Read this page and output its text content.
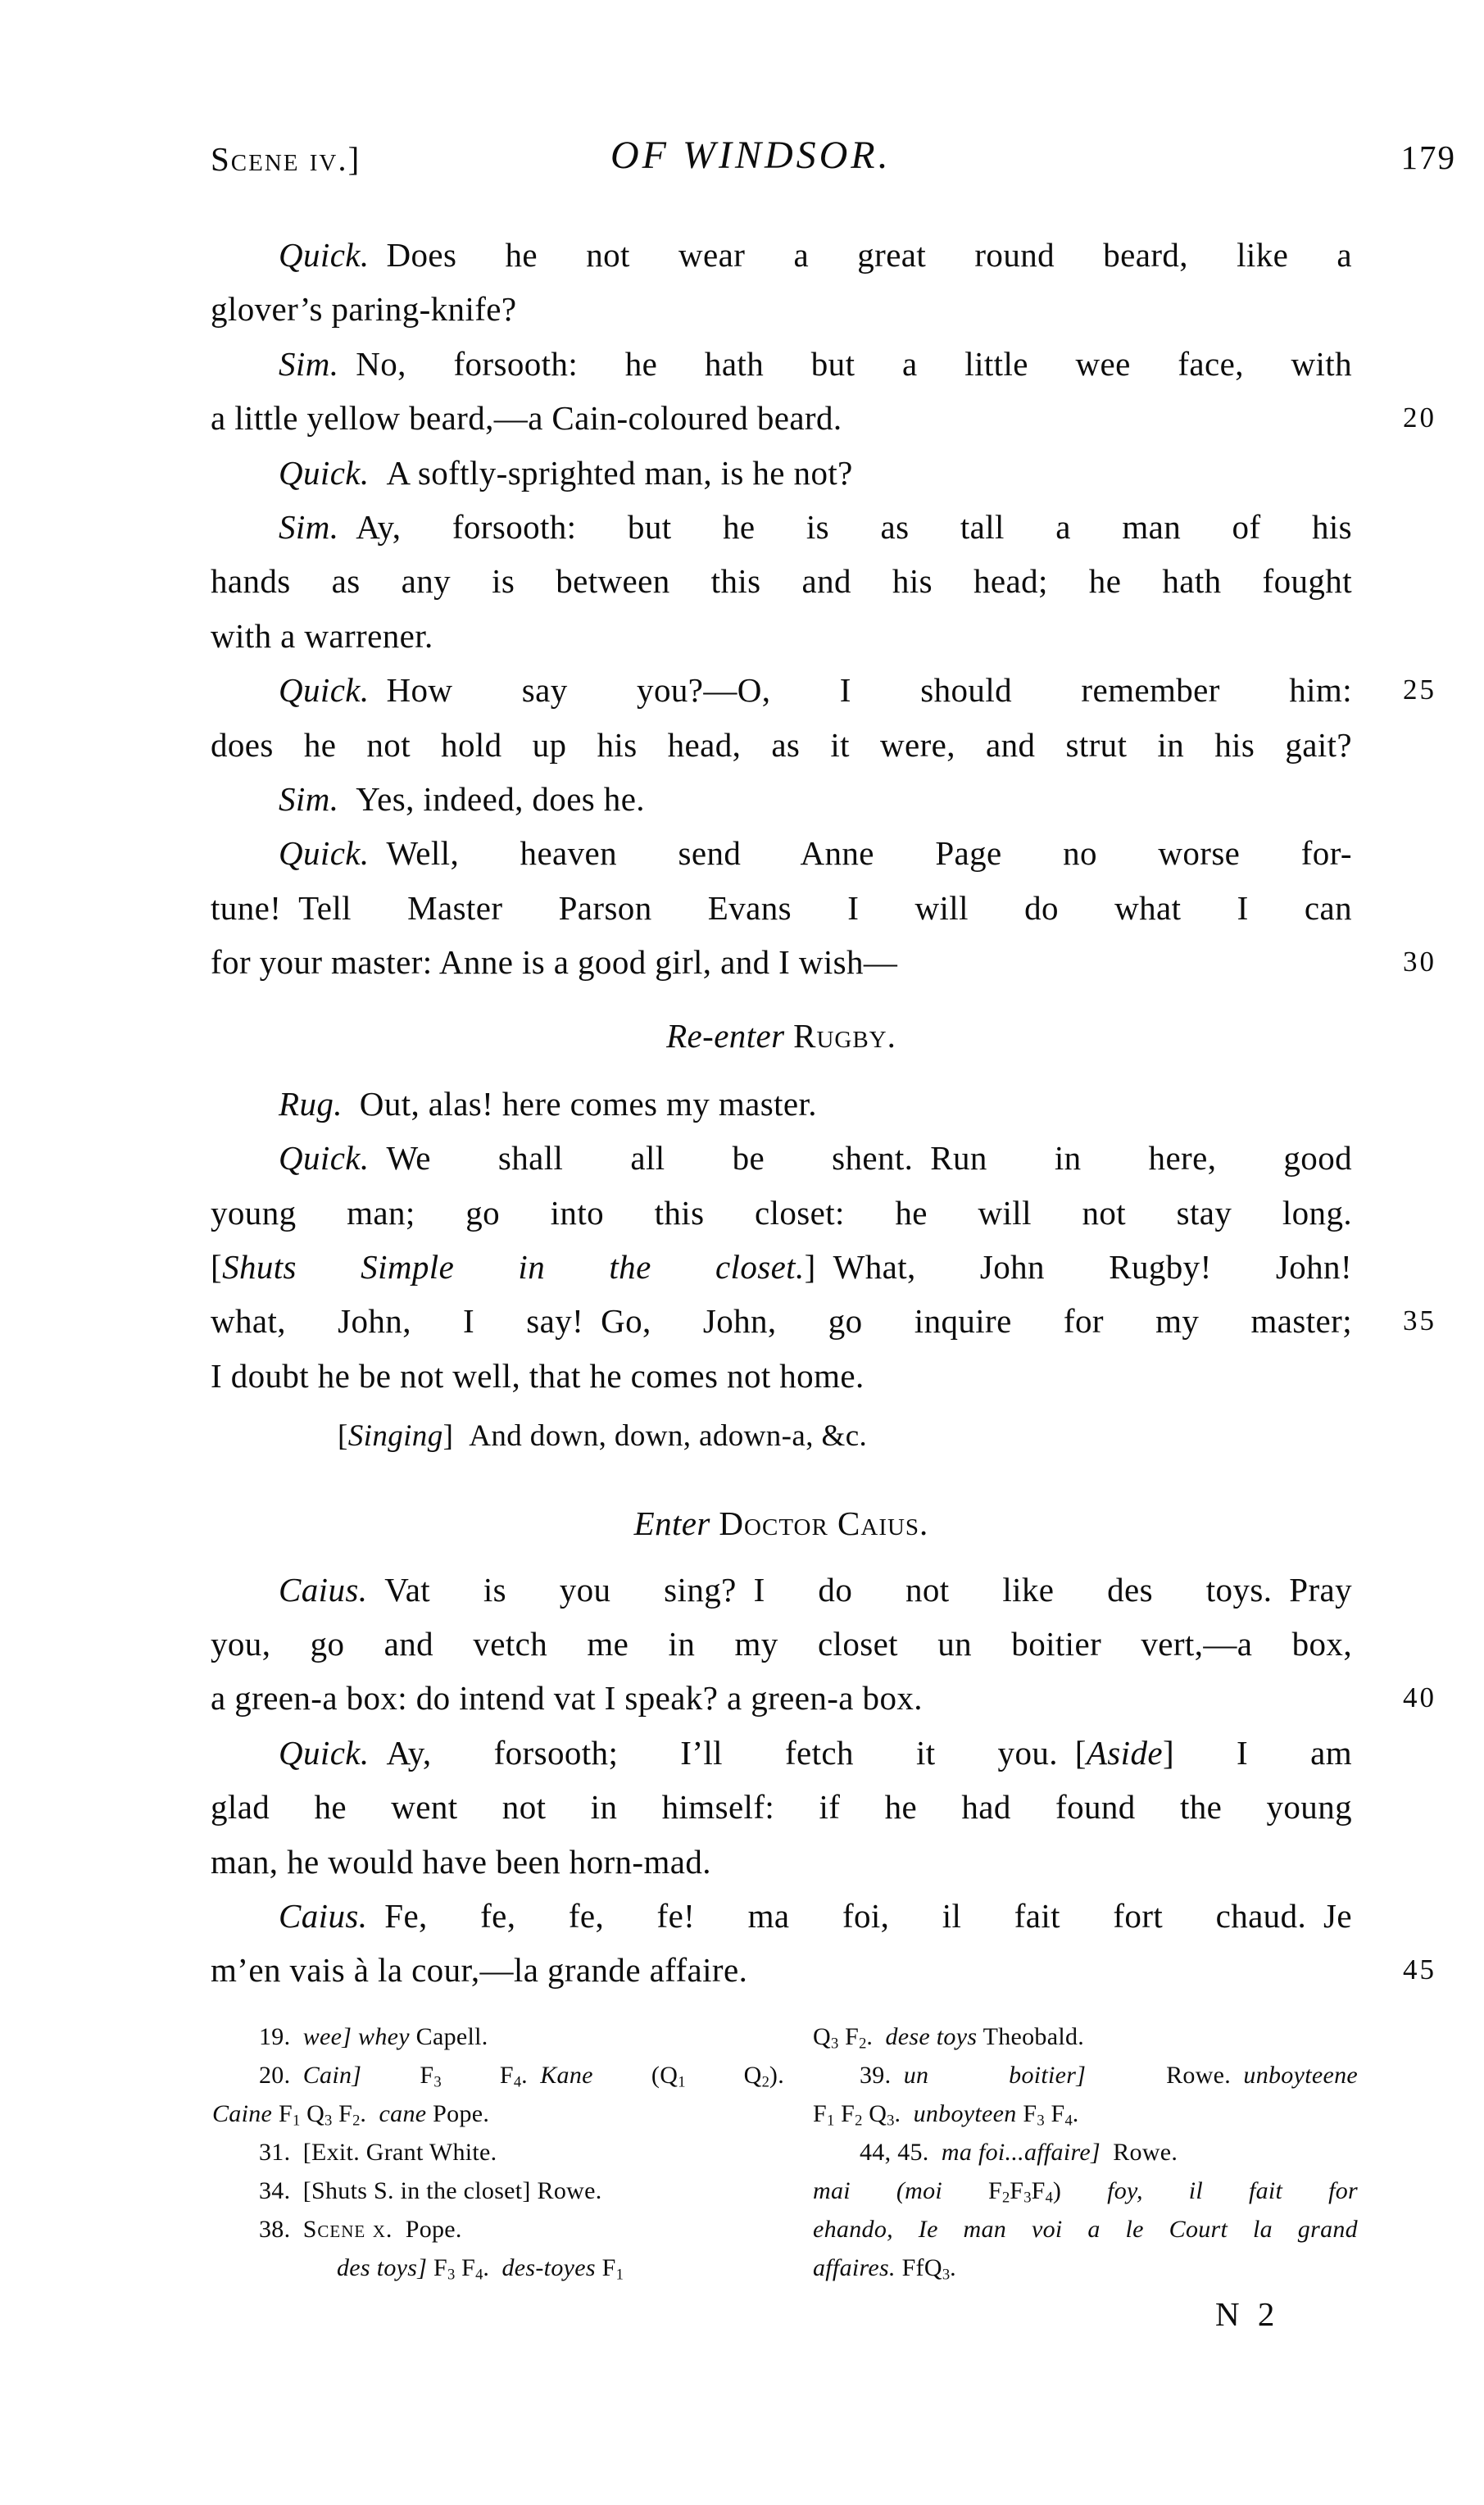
Scene iv.]	OF WINDSOR.	179
Quick. Does he not wear a great round beard, like a
glover’s paring-knife?
Sim. No, forsooth: he hath but a little wee face, with
a little yellow beard,—a Cain-coloured beard.	20
Quick. A softly-sprighted man, is he not?
Sim. Ay, forsooth: but he is as tall a man of his
hands as any is between this and his head; he hath fought
with a warrener.
Quick. How say you?—O, I should remember him: 25
does he not hold up his head, as it were, and strut in his gait?
Sim. Yes, indeed, does he.
Quick. Well, heaven send Anne Page no worse for-
tune! Tell Master Parson Evans I will do what I can
for your master: Anne is a good girl, and I wish—	30
Re-enter Rugby.
Rug. Out, alas! here comes my master.
Quick. We shall all be shent. Run in here, good
young man; go into this closet: he will not stay long.
[Shuts Simple in the closet.] What, John Rugby! John!
what, John, I say! Go, John, go inquire for my master; 35
I doubt he be not well, that he comes not home.
[Singing] And down, down, adown-a, &c.
Enter Doctor Caius.
Caius. Vat is you sing? I do not like des toys. Pray
you, go and vetch me in my closet un boitier vert,—a box,
a green-a box: do intend vat I speak? a green-a box.	40
Quick. Ay, forsooth; I’ll fetch it you. [Aside] I am
glad he went not in himself: if he had found the young
man, he would have been horn-mad.
Caius. Fe, fe, fe, fe! ma foi, il fait fort chaud. Je
m’en vais à la cour,—la grande affaire.	45
19.  wee] whey Capell.
20.  Cain] F3 F4. Kane (Q1 Q2).
Caine F1 Q3 F2. cane Pope.
31. [Exit. Grant White.
34. [Shuts S. in the closet] Rowe.
38.  Scene x. Pope.
des toys] F3 F4. des-toyes F1
Q3 F2. dese toys Theobald.
39.  un boitier] Rowe. unboyteene
F1 F2 Q3. unboyteen F3 F4.
44, 45.  ma foi...affaire] Rowe.
mai (moi F2F3F4) foy, il fait for
ehando, Ie man voi a le Court la grand
affaires. FfQ3.
N 2
